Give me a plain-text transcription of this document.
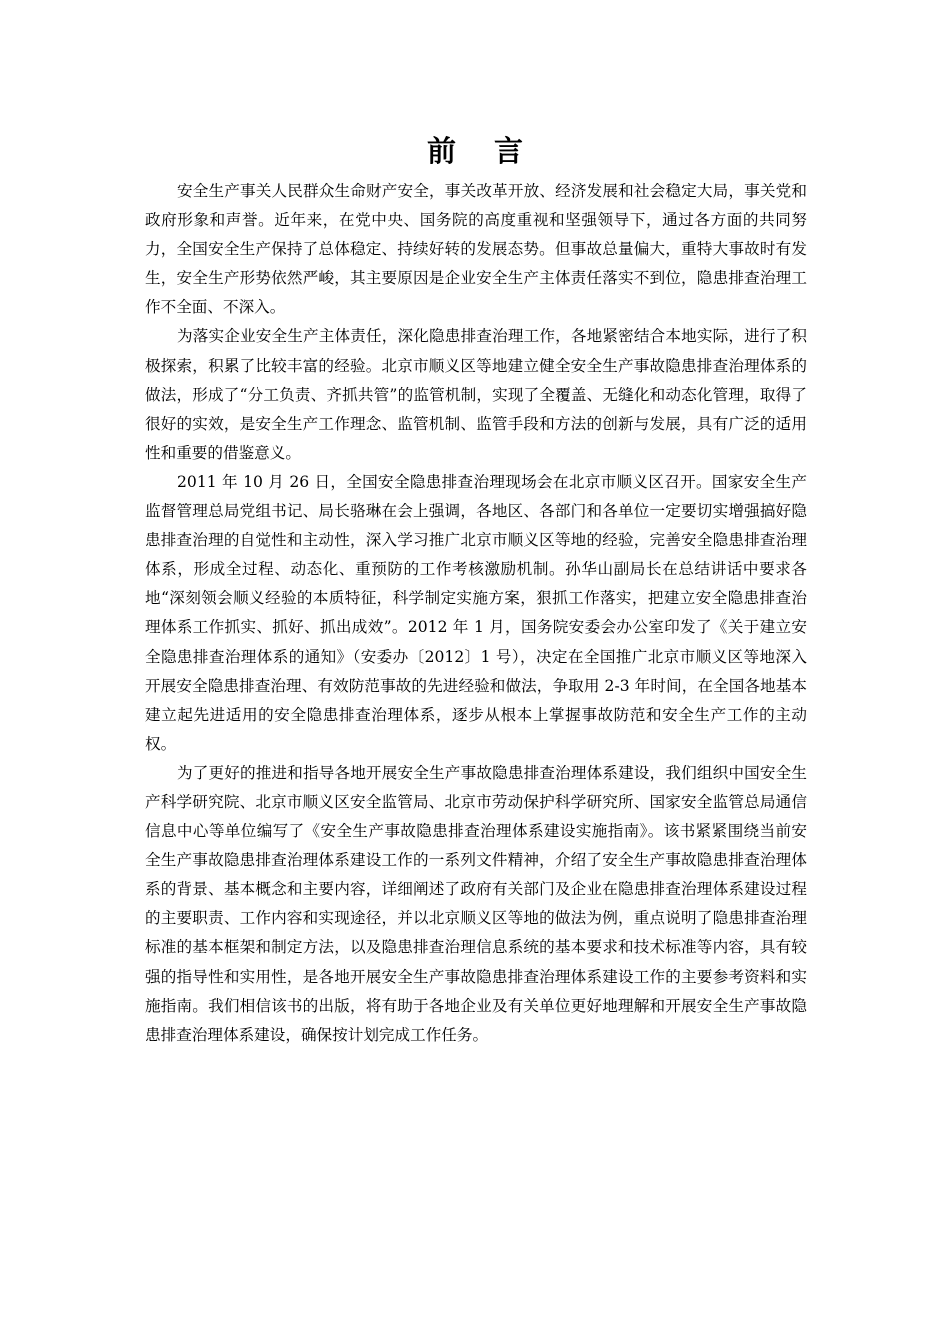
前 言

安全生产事关人民群众生命财产安全，事关改革开放、经济发展和社会稳定大局，事关党和政府形象和声誉。近年来，在党中央、国务院的高度重视和坚强领导下，通过各方面的共同努力，全国安全生产保持了总体稳定、持续好转的发展态势。但事故总量偏大，重特大事故时有发生，安全生产形势依然严峻，其主要原因是企业安全生产主体责任落实不到位，隐患排查治理工作不全面、不深入。

为落实企业安全生产主体责任，深化隐患排查治理工作，各地紧密结合本地实际，进行了积极探索，积累了比较丰富的经验。北京市顺义区等地建立健全安全生产事故隐患排查治理体系的做法，形成了“分工负责、齐抓共管”的监管机制，实现了全覆盖、无缝化和动态化管理，取得了很好的实效，是安全生产工作理念、监管机制、监管手段和方法的创新与发展，具有广泛的适用性和重要的借鉴意义。

2011 年 10 月 26 日，全国安全隐患排查治理现场会在北京市顺义区召开。国家安全生产监督管理总局党组书记、局长骆琳在会上强调，各地区、各部门和各单位一定要切实增强搞好隐患排查治理的自觉性和主动性，深入学习推广北京市顺义区等地的经验，完善安全隐患排查治理体系，形成全过程、动态化、重预防的工作考核激励机制。孙华山副局长在总结讲话中要求各地“深刻领会顺义经验的本质特征，科学制定实施方案，狠抓工作落实，把建立安全隐患排查治理体系工作抓实、抓好、抓出成效”。2012 年 1 月，国务院安委会办公室印发了《关于建立安全隐患排查治理体系的通知》（安委办〔2012〕1 号），决定在全国推广北京市顺义区等地深入开展安全隐患排查治理、有效防范事故的先进经验和做法，争取用 2-3 年时间，在全国各地基本建立起先进适用的安全隐患排查治理体系，逐步从根本上掌握事故防范和安全生产工作的主动权。

为了更好的推进和指导各地开展安全生产事故隐患排查治理体系建设，我们组织中国安全生产科学研究院、北京市顺义区安全监管局、北京市劳动保护科学研究所、国家安全监管总局通信信息中心等单位编写了《安全生产事故隐患排查治理体系建设实施指南》。该书紧紧围绕当前安全生产事故隐患排查治理体系建设工作的一系列文件精神，介绍了安全生产事故隐患排查治理体系的背景、基本概念和主要内容，详细阐述了政府有关部门及企业在隐患排查治理体系建设过程的主要职责、工作内容和实现途径，并以北京顺义区等地的做法为例，重点说明了隐患排查治理标准的基本框架和制定方法，以及隐患排查治理信息系统的基本要求和技术标准等内容，具有较强的指导性和实用性，是各地开展安全生产事故隐患排查治理体系建设工作的主要参考资料和实施指南。我们相信该书的出版，将有助于各地企业及有关单位更好地理解和开展安全生产事故隐患排查治理体系建设，确保按计划完成工作任务。
